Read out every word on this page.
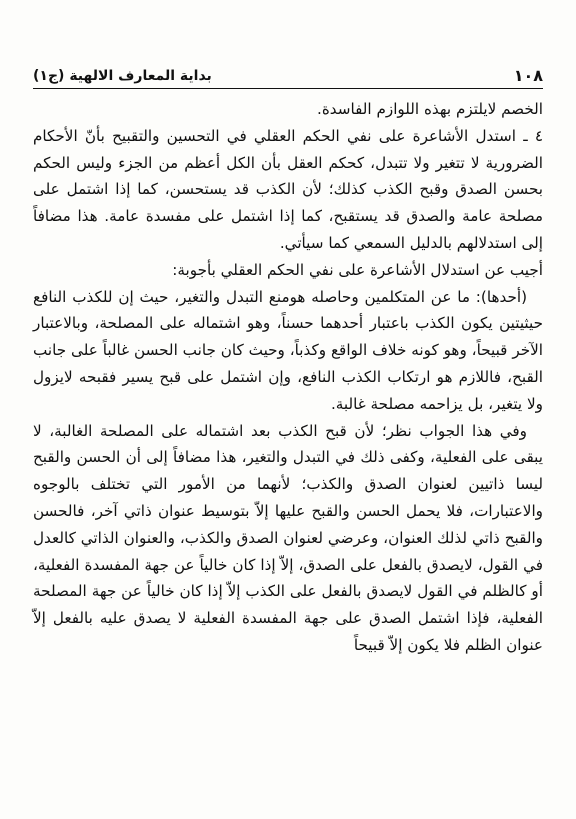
١٠٨
بداية المعارف الالهية (ج١)

الخصم لايلتزم بهذه اللوازم الفاسدة.

٤ ـ استدل الأشاعرة على نفي الحكم العقلي في التحسين والتقبيح بأنّ الأحكام الضرورية لا تتغير ولا تتبدل، كحكم العقل بأن الكل أعظم من الجزء وليس الحكم بحسن الصدق وقبح الكذب كذلك؛ لأن الكذب قد يستحسن، كما إذا اشتمل على مصلحة عامة والصدق قد يستقبح، كما إذا اشتمل على مفسدة عامة. هذا مضافاً إلى استدلالهم بالدليل السمعي كما سيأتي.

أجيب عن استدلال الأشاعرة على نفي الحكم العقلي بأجوبة:

(أحدها): ما عن المتكلمين وحاصله هومنع التبدل والتغير، حيث إن للكذب النافع حيثيتين يكون الكذب باعتبار أحدهما حسناً، وهو اشتماله على المصلحة، وبالاعتبار الآخر قبيحاً، وهو كونه خلاف الواقع وكذباً، وحيث كان جانب الحسن غالباً على جانب القبح، فاللازم هو ارتكاب الكذب النافع، وإن اشتمل على قبح يسير فقبحه لايزول ولا يتغير، بل يزاحمه مصلحة غالبة.

وفي هذا الجواب نظر؛ لأن قبح الكذب بعد اشتماله على المصلحة الغالبة، لا يبقى على الفعلية، وكفى ذلك في التبدل والتغير، هذا مضافاً إلى أن الحسن والقبح ليسا ذاتيين لعنوان الصدق والكذب؛ لأنهما من الأمور التي تختلف بالوجوه والاعتبارات، فلا يحمل الحسن والقبح عليها إلاّ بتوسيط عنوان ذاتي آخر، فالحسن والقبح ذاتي لذلك العنوان، وعرضي لعنوان الصدق والكذب، والعنوان الذاتي كالعدل في القول، لايصدق بالفعل على الصدق، إلاّ إذا كان خالياً عن جهة المفسدة الفعلية، أو كالظلم في القول لايصدق بالفعل على الكذب إلاّ إذا كان خالياً عن جهة المصلحة الفعلية، فإذا اشتمل الصدق على جهة المفسدة الفعلية لا يصدق عليه بالفعل إلاّ عنوان الظلم فلا يكون إلاّ قبيحاً
